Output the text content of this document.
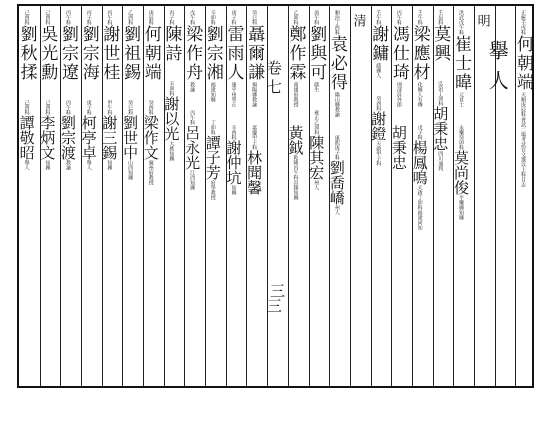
正統壬戌科何朝端天順庚辰科會試二場考試官文選以上科目志
擧人
明
洪武戊午科崔士暐元貢士永樂癸卯科莫尚俊平樂縣知縣
壬辰科莫興弘治丁卯科胡秉忠四川通判
壬午科梁應材化縣人有傳戊子科楊鳳鳴天啟丁卯科福建同知
丙午科馮仕琦刑部員外郎胡秉忠
壬午科謝鏞蔭縣人癸酉科謝鐙天啟甲子科
清
順治丁酉科袁必得陽山縣教諭康熙庚子科劉喬嶠州人
庚午科劉與可蔭生雍正乙卯科陳其宏州人
乙卯科鄭作霖南雄府教授黃鉞乾隆丙午科直隸知縣
卷七三
癸巳科聶爾謙揭陽縣教諭嘉慶甲子科林聞馨
庚子科雷雨人連平州學正辛酉科謝仲坑知縣
辛卯科劉宗湘福建知縣丁卯科譚子芳府學教授
戊午科梁作舟教諭丙午科呂永光江西知縣
丙子科陳詩辛卯科謝以光大挑知縣
庚辰科何朝端癸酉科梁作文廣州府教授
乙酉科劉祖錫癸巳科劉世中山西知縣
丙午科謝世桂甲午科謝三錫知縣
丙子科劉宗海庚子科柯亭卓舉人
丙午科劉宗遼丙午科劉宗渡教諭
己酉科吳光勳己酉科李炳文知縣
己酉科劉秋揉己酉科譚敬昭舉人
三
